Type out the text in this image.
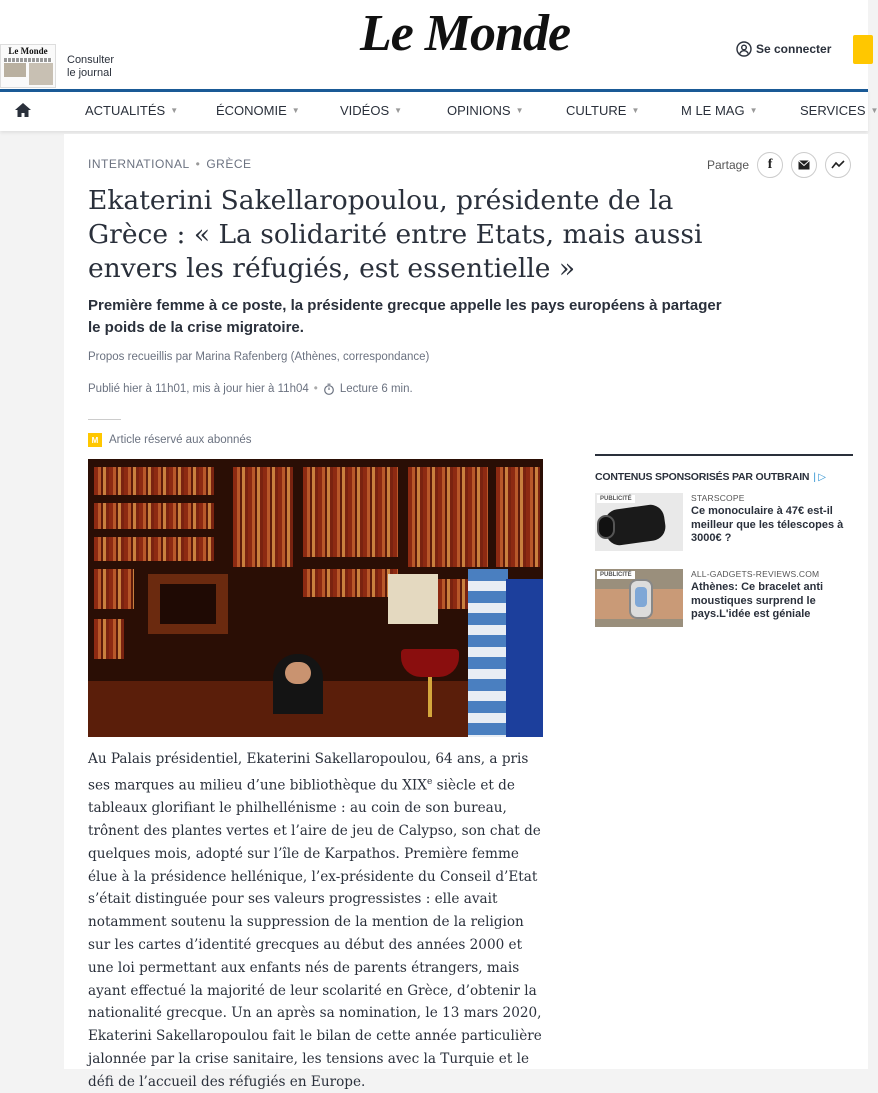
Le Monde
Consulter le journal
Le Monde	Se connecter
ACTUALITÉS ▼	ÉCONOMIE ▼	VIDÉOS ▼	OPINIONS ▼	CULTURE ▼	M LE MAG ▼	SERVICES ▼
INTERNATIONAL • GRÈCE	Partage f
Ekaterini Sakellaropoulou, présidente de la Grèce : « La solidarité entre Etats, mais aussi envers les réfugiés, est essentielle »

Première femme à ce poste, la présidente grecque appelle les pays européens à partager le poids de la crise migratoire.

Propos recueillis par Marina Rafenberg (Athènes, correspondance)
Publié hier à 11h01, mis à jour hier à 11h04 • Lecture 6 min.
M Article réservé aux abonnés
Au Palais présidentiel, Ekaterini Sakellaropoulou, 64 ans, a pris ses marques au milieu d’une bibliothèque du XIXe siècle et de tableaux glorifiant le philhellénisme : au coin de son bureau, trônent des plantes vertes et l’aire de jeu de Calypso, son chat de quelques mois, adopté sur l’île de Karpathos. Première femme élue à la présidence hellénique, l’ex-présidente du Conseil d’Etat s’était distinguée pour ses valeurs progressistes : elle avait notamment soutenu la suppression de la mention de la religion sur les cartes d’identité grecques au début des années 2000 et une loi permettant aux enfants nés de parents étrangers, mais ayant effectué la majorité de leur scolarité en Grèce, d’obtenir la nationalité grecque. Un an après sa nomination, le 13 mars 2020, Ekaterini Sakellaropoulou fait le bilan de cette année particulière jalonnée par la crise sanitaire, les tensions avec la Turquie et le défi de l’accueil des réfugiés en Europe.
CONTENUS SPONSORISÉS PAR OUTBRAIN | ▷
PUBLICITÉ	STARSCOPE
Ce monoculaire à 47€ est-il meilleur que les télescopes à 3000€ ?
PUBLICITÉ	ALL-GADGETS-REVIEWS.COM
Athènes: Ce bracelet anti moustiques surprend le pays.L'idée est géniale
